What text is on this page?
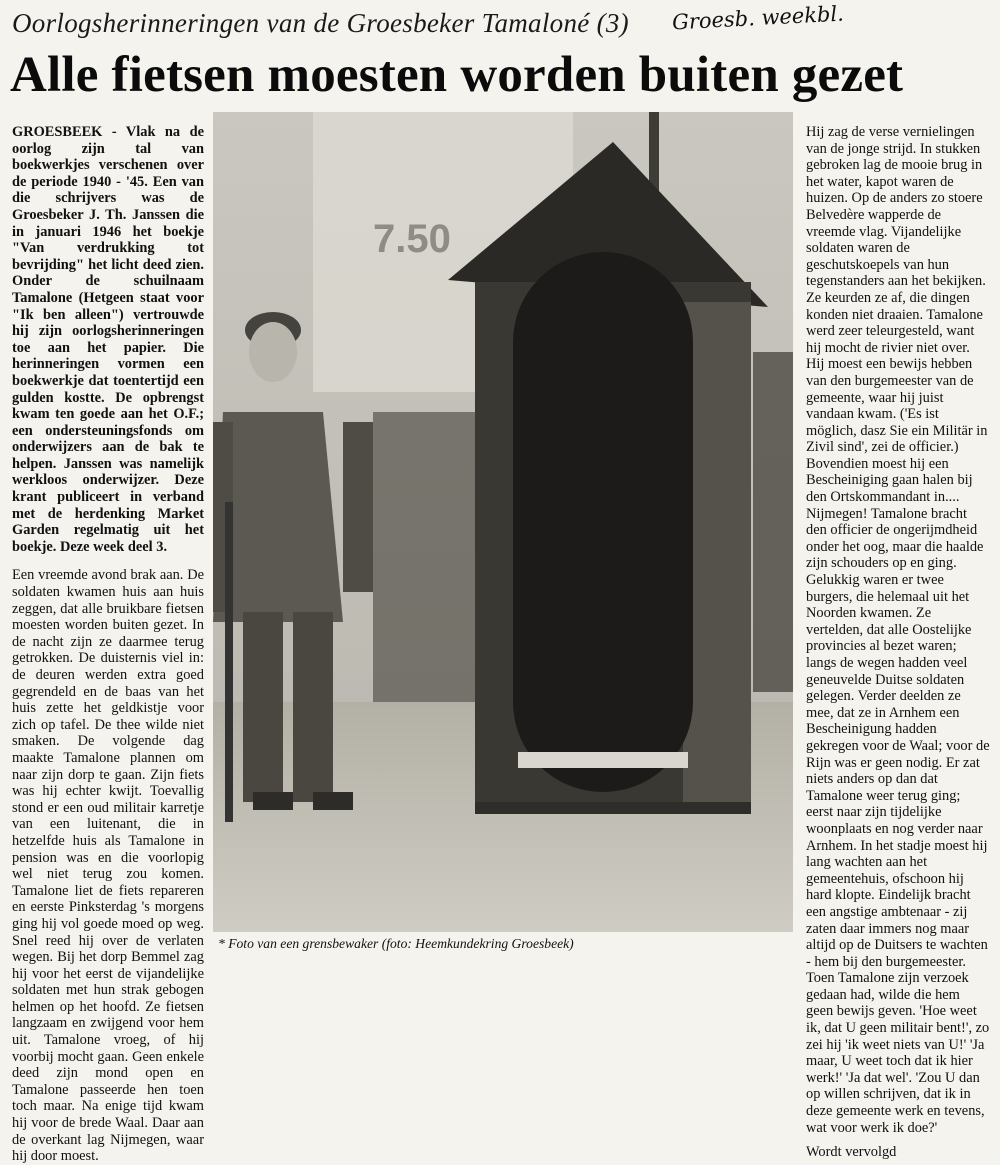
Oorlogsherinneringen van de Groesbeker Tamaloné (3) Groesb. weekbl.
Alle fietsen moesten worden buiten gezet

GROESBEEK - Vlak na de oorlog zijn tal van boekwerkjes verschenen over de periode 1940 - '45. Een van die schrijvers was de Groesbeker J. Th. Janssen die in januari 1946 het boekje "Van verdrukking tot bevrijding" het licht deed zien. Onder de schuilnaam Tamalone (Hetgeen staat voor "Ik ben alleen") vertrouwde hij zijn oorlogsherinneringen toe aan het papier. Die herinneringen vormen een boekwerkje dat toentertijd een gulden kostte. De opbrengst kwam ten goede aan het O.F.; een ondersteuningsfonds om onderwijzers aan de bak te helpen. Janssen was namelijk werkloos onderwijzer. Deze krant publiceert in verband met de herdenking Market Garden regelmatig uit het boekje. Deze week deel 3.

Een vreemde avond brak aan. De soldaten kwamen huis aan huis zeggen, dat alle bruikbare fietsen moesten worden buiten gezet. In de nacht zijn ze daarmee terug getrokken. De duisternis viel in: de deuren werden extra goed gegrendeld en de baas van het huis zette het geldkistje voor zich op tafel. De thee wilde niet smaken. De volgende dag maakte Tamalone plannen om naar zijn dorp te gaan. Zijn fiets was hij echter kwijt. Toevallig stond er een oud militair karretje van een luitenant, die in hetzelfde huis als Tamalone in pension was en die voorlopig wel niet terug zou komen. Tamalone liet de fiets repareren en eerste Pinksterdag 's morgens ging hij vol goede moed op weg. Snel reed hij over de verlaten wegen. Bij het dorp Bemmel zag hij voor het eerst de vijandelijke soldaten met hun strak gebogen helmen op het hoofd. Ze fietsen langzaam en zwijgend voor hem uit. Tamalone vroeg, of hij voorbij mocht gaan. Geen enkele deed zijn mond open en Tamalone passeerde hen toen toch maar. Na enige tijd kwam hij voor de brede Waal. Daar aan de overkant lag Nijmegen, waar hij door moest.

7.50
* Foto van een grensbewaker (foto: Heemkundekring Groesbeek)

Hij zag de verse vernielingen van de jonge strijd. In stukken gebroken lag de mooie brug in het water, kapot waren de huizen. Op de anders zo stoere Belvedère wapperde de vreemde vlag. Vijandelijke soldaten waren de geschutskoepels van hun tegenstanders aan het bekijken. Ze keurden ze af, die dingen konden niet draaien. Tamalone werd zeer teleurgesteld, want hij mocht de rivier niet over. Hij moest een bewijs hebben van den burgemeester van de gemeente, waar hij juist vandaan kwam. ('Es ist möglich, dasz Sie ein Militär in Zivil sind', zei de officier.) Bovendien moest hij een Bescheiniging gaan halen bij den Ortskommandant in.... Nijmegen! Tamalone bracht den officier de ongerijmdheid onder het oog, maar die haalde zijn schouders op en ging. Gelukkig waren er twee burgers, die helemaal uit het Noorden kwamen. Ze vertelden, dat alle Oostelijke provincies al bezet waren; langs de wegen hadden veel geneuvelde Duitse soldaten gelegen. Verder deelden ze mee, dat ze in Arnhem een Bescheinigung hadden gekregen voor de Waal; voor de Rijn was er geen nodig. Er zat niets anders op dan dat Tamalone weer terug ging; eerst naar zijn tijdelijke woonplaats en nog verder naar Arnhem. In het stadje moest hij lang wachten aan het gemeentehuis, ofschoon hij hard klopte. Eindelijk bracht een angstige ambtenaar - zij zaten daar immers nog maar altijd op de Duitsers te wachten - hem bij den burgemeester. Toen Tamalone zijn verzoek gedaan had, wilde die hem geen bewijs geven. 'Hoe weet ik, dat U geen militair bent!', zo zei hij 'ik weet niets van U!' 'Ja maar, U weet toch dat ik hier werk!' 'Ja dat wel'. 'Zou U dan op willen schrijven, dat ik in deze gemeente werk en tevens, wat voor werk ik doe?'

Wordt vervolgd
